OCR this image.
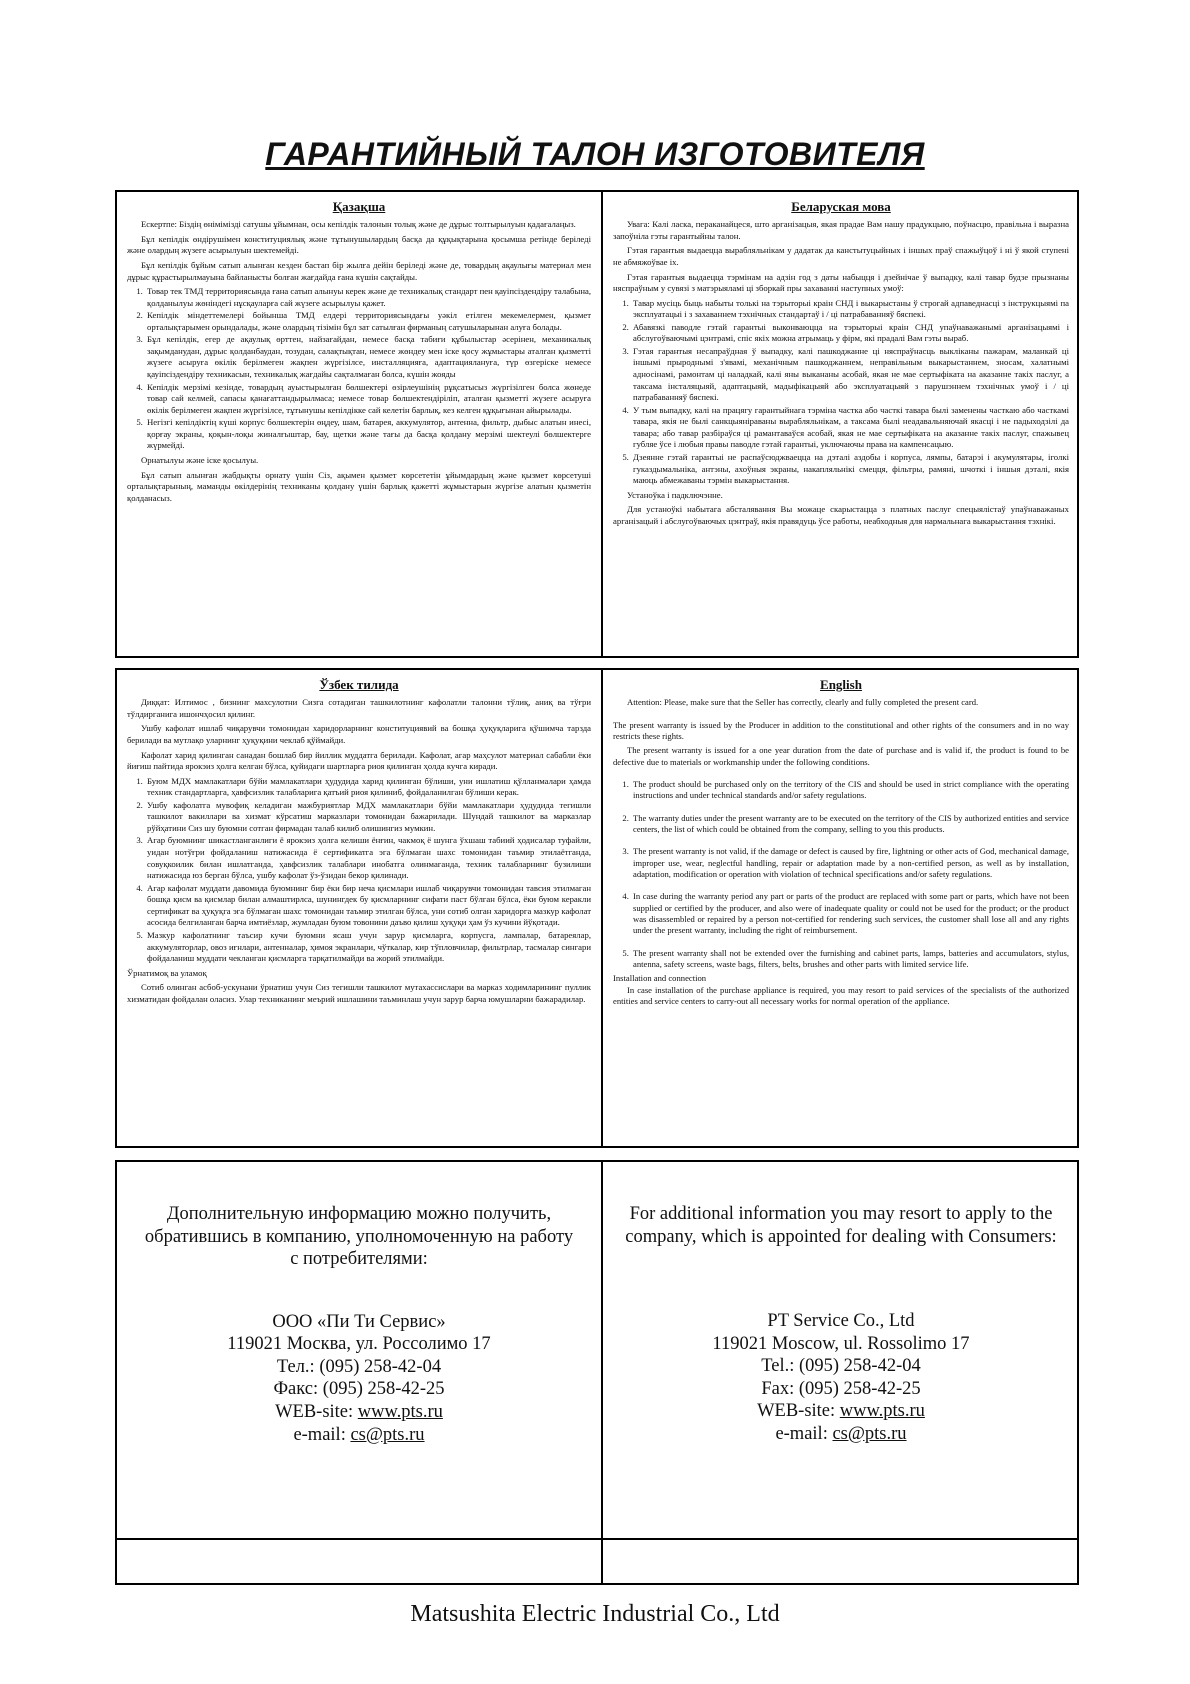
ГАРАНТИЙНЫЙ ТАЛОН ИЗГОТОВИТЕЛЯ
Қазақша

Ескертпе: Біздің өнімімізді сатушы ұйымнан, осы кепілдік талонын толық және де дұрыс толтырылуын қадағалаңыз.

Бұл кепілдік өндірушімен конституциялық және тұтынушылардың басқа да құқықтарына қосымша ретінде беріледі және олардың жүзеге асырылуын шектемейді.

Бұл кепілдік бұйым сатып алынған кезден бастап бір жылға дейін беріледі және де, товардың ақаулығы материал мен дұрыс құрастырылмауына байланысты болған жағдайда ғана күшін сақтайды.

1. Товар тек ТМД территориясында ғана сатып алынуы керек және де техникалық стандарт пен қауіпсіздендіру талабына, қолданылуы жөніндегі нұсқауларға сай жүзеге асырылуы қажет.
2. Кепілдік міндеттемелері бойынша ТМД елдері территориясындағы уәкіл етілген мекемелермен, қызмет орталықтарымен орындалады, және олардың тізімін бұл зат сатылған фирманың сатушыларынан алуға болады.
3. Бұл кепілдік, егер де ақаулық өрттен, найзағайдан, немесе басқа табиғи құбылыстар әсерінен, механикалық зақымданудан, дұрыс қолданбаудан, тозудан, салақтықтан, немесе жөндеу мен іске қосу жұмыстары аталған қызметті жүзеге асыруға өкілік берілмеген жақпен жүргізілсе, инсталляцияға, адаптациялануға, түр өзгеріске немесе қауіпсіздендіру техникасын, техникалық жағдайы сақталмаған болса, күшін жояды
4. Кепілдік мерзімі кезінде, товардың ауыстырылған бөлшектері өзірлеушінің рұқсатысыз жүргізілген болса жөнеде товар сай келмей, сапасы қанағаттандырылмаса; немесе товар бөлшектендіріліп, аталған қызметті жүзеге асыруға өкілік берілмеген жақпен жүргізілсе, тұтынушы кепілдікке сай келетін барлық, кез келген құқығынан айырылады.
5. Негізгі кепілдіктің күші корпус бөлшектерін өңдеу, шам, батарея, аккумулятор, антенна, фильтр, дыбыс алатын инесі, қорғау экраны, қоқын-лоқы жиналғыштар, бау, щетки және тағы да басқа қолдану мерзімі шектеулі бөлшектерге жүрмейді.

Орнатылуы және іске қосылуы.

Бұл сатып алынған жабдықты орнату үшін Сіз, ақымен қызмет көрсететін ұйымдардың және қызмет көрсетуші орталықтарының, маманды өкілдерінің техниканы қолдану үшін барлық қажетті жұмыстарын жүргізе алатын қызметін қолданасыз.

Беларуская мова

Увага: Калі ласка, пераканайцеся, што арганізацыя, якая прадае Вам нашу прадукцыю, поўнасцю, правільна і выразна запоўніла гэты гарантыйны талон.

Гэтая гарантыя выдаецца вырабляльнікам у дадатак да канстытуцыйных і іншых праў спажыўцоў і ні ў якой ступені не абмяжоўвае іх.

Гэтая гарантыя выдаецца тэрмінам на адзін год з даты набыцця і дзейнічае ў выпадку, калі тавар будзе прызнаны няспраўным у сувязі з матэрыяламі ці зборкай пры захаванні наступных умоў:

1. Тавар мусіць быць набыты толькі на тэрыторыі краін СНД і выкарыстаны ў строгай адпаведнасці з інструкцыямі па эксплуатацыі і з захаваннем тэхнічных стандартаў і / ці патрабаванняў бяспекі.
2. Абавязкі паводле гэтай гарантыі выконваюцца на тэрыторыі краін СНД упаўнаважанымі арганізацыямі і абслугоўваючымі цэнтрамі, спіс якіх можна атрымаць у фірм, які прадалі Вам гэты выраб.
3. Гэтая гарантыя несапраўдная ў выпадку, калі пашкоджанне ці няспраўнасць выкліканы пажарам, маланкай ці іншымі прыроднымі з'явамі, механічным пашкоджаннем, неправільным выкарыстаннем, зносам, халатнымі адносінамі, рамонтам ці наладкай, калі яны выкананы асобай, якая не мае сертыфіката на аказанне такіх паслуг, а таксама інсталяцыяй, адаптацыяй, мадыфікацыяй або эксплуатацыяй з парушэннем тэхнічных умоў і / ці патрабаванняў бяспекі.
4. У тым выпадку, калі на працягу гарантыйнага тэрміна частка або часткі тавара былі заменены часткаю або часткамі тавара, якія не былі санкцыяніраваны вырабляльнікам, а таксама былі неадавальняючай якасці і не падыходзілі да тавара; або тавар разбіраўся ці рамантаваўся асобай, якая не мае сертыфіката на аказанне такіх паслуг, спажывец губляе ўсе і любыя правы паводле гэтай гарантыі, уключаючы права на кампенсацыю.
5. Дзеянне гэтай гарантыі не распаўсюджваецца на дэталі аздобы і корпуса, лямпы, батарэі і акумулятары, іголкі гуказдымальніка, антэны, ахоўныя экраны, накапляльнікі смецця, фільтры, рамяні, шчоткі і іншыя дэталі, якія маюць абмежаваны тэрмін выкарыстання.

Устаноўка і падключэнне.

Для устаноўкі набытага абсталявання Вы можаце скарыстацца з платных паслуг спецыялістаў упаўнаважаных арганізацый і абслугоўваючых цэнтраў, якія правядуць ўсе работы, неабходныя для нармальнага выкарыстання тэхнікі.

Ўзбек тилида

Диққат: Илтимос , бизнинг махсулотни Сизга сотадиган ташкилотнинг кафолатли талонни тўлиқ, аниқ ва тўғри тўлдирганига ишончҳосил қилинг.

Ушбу кафолат ишлаб чиқарувчи томонидан харидорларнинг конституциявий ва бошқа ҳуқуқларига қўшимча тарзда берилади ва мутлақо уларнинг ҳуқуқини чеклаб қўймайди.

Кафолат харид қилинган санадан бошлаб бир йиллик муддатга берилади. Кафолат, агар маҳсулот материал сабабли ёки йиғиш пайтида ярокэиз ҳолга келган бўлса, қуйидаги шартларга риоя қилинган ҳолда кучга киради.

1. Буюм МДХ мамлакатлари бўйи мамлакатлари ҳудудида харид қилинган бўлиши, уни ишлатиш қўлланмалари ҳамда техник стандартларга, ҳавфсизлик талабларига қатъий риоя қилиниб, фойдаланилган бўлиши керак.
2. Ушбу кафолатга мувофиқ келадиган мажбуриятлар МДХ мамлакатлари бўйи мамлакатлари ҳудудида тегишли ташкилот вакиллари ва хизмат кўрсатиш марказлари томонидан бажарилади. Шундай ташкилот ва марказлар рўйҳатини Сиз шу буюмни сотган фирмадан талаб килиб олишингиз мумкин.
3. Агар буюмнинг шикастланганлиги ё ярокэиз ҳолга келиши ёнғин, чакмоқ ё шунга ўхшаш табиий ҳодисалар туфайли, уидан нотўғри фойдаланиш натижасида ё сертификатга эга бўлмаган шахс томонидан таъмир этилаётганда, совуқкоилик билан ишлатганда, ҳавфсизлик талаблари инобатга олинмаганда, техник талабларнинг бузилиши натижасида юз берган бўлса, ушбу кафолат ўз-ўзидан бекор қилинади.
4. Агар кафолат муддати давомида буюмнинг бир ёки бир неча қисмлари ишлаб чиқарувчи томонидан тавсия этилмаган бошқа қисм ва қисмлар билан алмаштирлса, шунингдек бу қисмларнинг сифати паст бўлган бўлса, ёки буюм керакли сертификат ва ҳуқуқга эга бўлмаган шахс томонидан таъмир этилган бўлса, уни сотиб олган харидорга мазкур кафолат асосида белгиланган барча имтиёзлар, жумладан буюм товонини даъво қилиш ҳуқуқи ҳам ўз кучини йўқотади.
5. Мазкур кафолатнинг таъсир кучи буюмни ясаш учун зарур қисмларга, корпусга, лампалар, батареялар, аккумуляторлар, овоз иғнлари, антенналар, ҳимоя экранлари, чўткалар, кир тўпловчилар, фильтрлар, тасмалар сингари фойдаланиш муддати чекланган қисмларга тарқатилмайди ва жорий этилмайди.

Ўрнатимоқ ва уламоқ

Сотиб олинган асбоб-ускунани ўрнатиш учун Сиз тегишли ташкилот мутахассислари ва марказ ходимларининг пуллик хизматидан фойдалан оласиз. Улар техниканинг меърий ишлашини таъминлаш учун зарур барча юмушларни бажарадилар.

English

Attention: Please, make sure that the Seller has correctly, clearly and fully completed the present card.

The present warranty is issued by the Producer in addition to the constitutional and other rights of the consumers and in no way restricts these rights.

The present warranty is issued for a one year duration from the date of purchase and is valid if, the product is found to be defective due to materials or workmanship under the following conditions.

1. The product should be purchased only on the territory of the CIS and should be used in strict compliance with the operating instructions and under technical standards and/or safety regulations.
2. The warranty duties under the present warranty are to be executed on the territory of the CIS by authorized entities and service centers, the list of which could be obtained from the company, selling to you this products.
3. The present warranty is not valid, if the damage or defect is caused by fire, lightning or other acts of God, mechanical damage, improper use, wear, neglectful handling, repair or adaptation made by a non-certified person, as well as by installation, adaptation, modification or operation with violation of technical specifications and/or safety regulations.
4. In case during the warranty period any part or parts of the product are replaced with some part or parts, which have not been supplied or certified by the producer, and also were of inadequate quality or could not be used for the product; or the product was disassembled or repaired by a person not-certified for rendering such services, the customer shall lose all and any rights under the present warranty, including the right of reimbursement.
5. The present warranty shall not be extended over the furnishing and cabinet parts, lamps, batteries and accumulators, stylus, antenna, safety screens, waste bags, filters, belts, brushes and other parts with limited service life.

Installation and connection

In case installation of the purchase appliance is required, you may resort to paid services of the specialists of the authorized entities and service centers to carry-out all necessary works for normal operation of the appliance.

Дополнительную информацию можно получить,
обратившись в компанию, уполномоченную на работу
с потребителями:
ООО «Пи Ти Сервис»
119021 Москва, ул. Россолимо 17
Тел.: (095) 258-42-04
Факс: (095) 258-42-25
WEB-site: www.pts.ru
e-mail: cs@pts.ru
For additional information you may resort to apply to the
company, which is appointed for dealing with Consumers:
PT Service Co., Ltd
119021 Moscow, ul. Rossolimo 17
Tel.: (095) 258-42-04
Fax: (095) 258-42-25
WEB-site: www.pts.ru
e-mail: cs@pts.ru
Matsushita Electric Industrial Co., Ltd
